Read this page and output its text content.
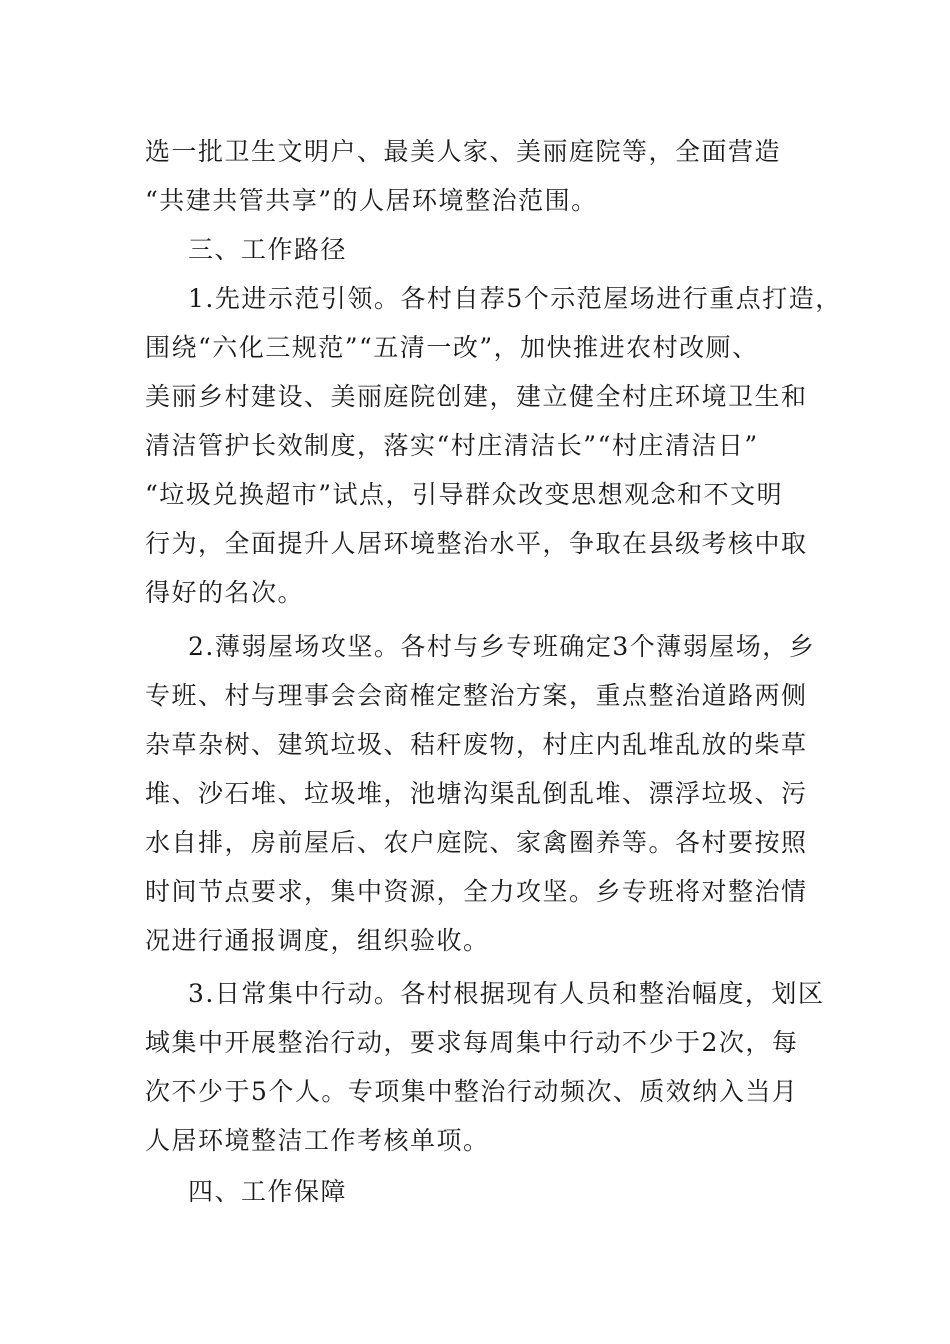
选一批卫生文明户、最美人家、美丽庭院等，全面营造
“共建共管共享”的人居环境整治范围。
三、工作路径
1.先进示范引领。各村自荐5个示范屋场进行重点打造，
围绕“六化三规范”“五清一改”，加快推进农村改厕、
美丽乡村建设、美丽庭院创建，建立健全村庄环境卫生和
清洁管护长效制度，落实“村庄清洁长”“村庄清洁日”
“垃圾兑换超市”试点，引导群众改变思想观念和不文明
行为，全面提升人居环境整治水平，争取在县级考核中取
得好的名次。
2.薄弱屋场攻坚。各村与乡专班确定3个薄弱屋场，乡
专班、村与理事会会商榷定整治方案，重点整治道路两侧
杂草杂树、建筑垃圾、秸秆废物，村庄内乱堆乱放的柴草
堆、沙石堆、垃圾堆，池塘沟渠乱倒乱堆、漂浮垃圾、污
水自排，房前屋后、农户庭院、家禽圈养等。各村要按照
时间节点要求，集中资源，全力攻坚。乡专班将对整治情
况进行通报调度，组织验收。
3.日常集中行动。各村根据现有人员和整治幅度，划区
域集中开展整治行动，要求每周集中行动不少于2次，每
次不少于5个人。专项集中整治行动频次、质效纳入当月
人居环境整洁工作考核单项。
四、工作保障
